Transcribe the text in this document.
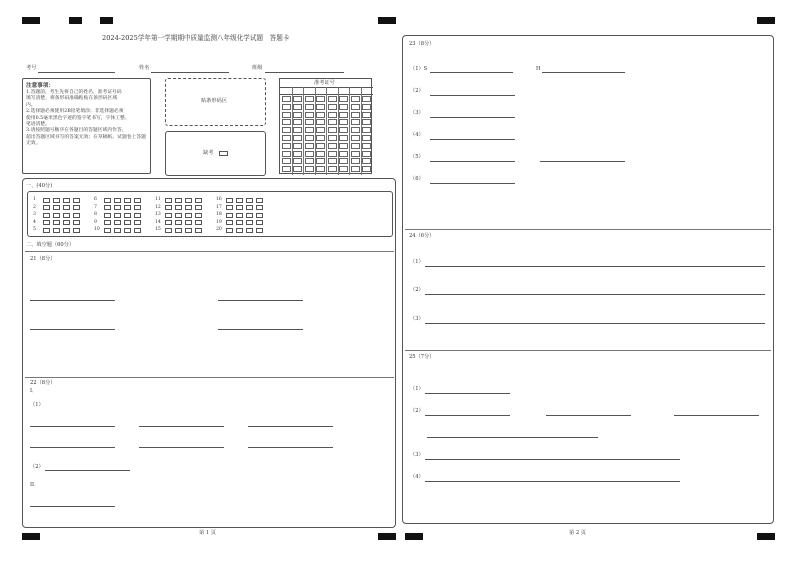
2024-2025学年第一学期期中质量监测八年级化学试题　答题卡
考号	姓名	班级
注意事项：
1.答题前，考生先将自己的姓名、准考证号码
填写清楚，将条形码准确粘贴在条形码区域
内。
2.选择题必须使用2B铅笔填涂；非选择题必须
使用0.5毫米黑色字迹的签字笔书写，字体工整、
笔迹清楚。
3.请按照题号顺序在各题目的答题区域内作答，
超出答题区域书写的答案无效；在草稿纸、试题卷上答题无效。
贴条形码区
缺考
准考证号
一、(40分)
1
2
3
4
5
6
7
8
9
10
11
12
13
14
15
16
17
18
19
20
二、填空题（60分）
21（8分）
22（8分）
I．
（1）
（2）
II．
第 1 页
23（8分）
（1）S	H
（2）
（3）
（4）
（5）
（6）
24（6分）
（1）
（2）
（3）
25（7分）
（1）
（2）
（3）
（4）
第 2 页
